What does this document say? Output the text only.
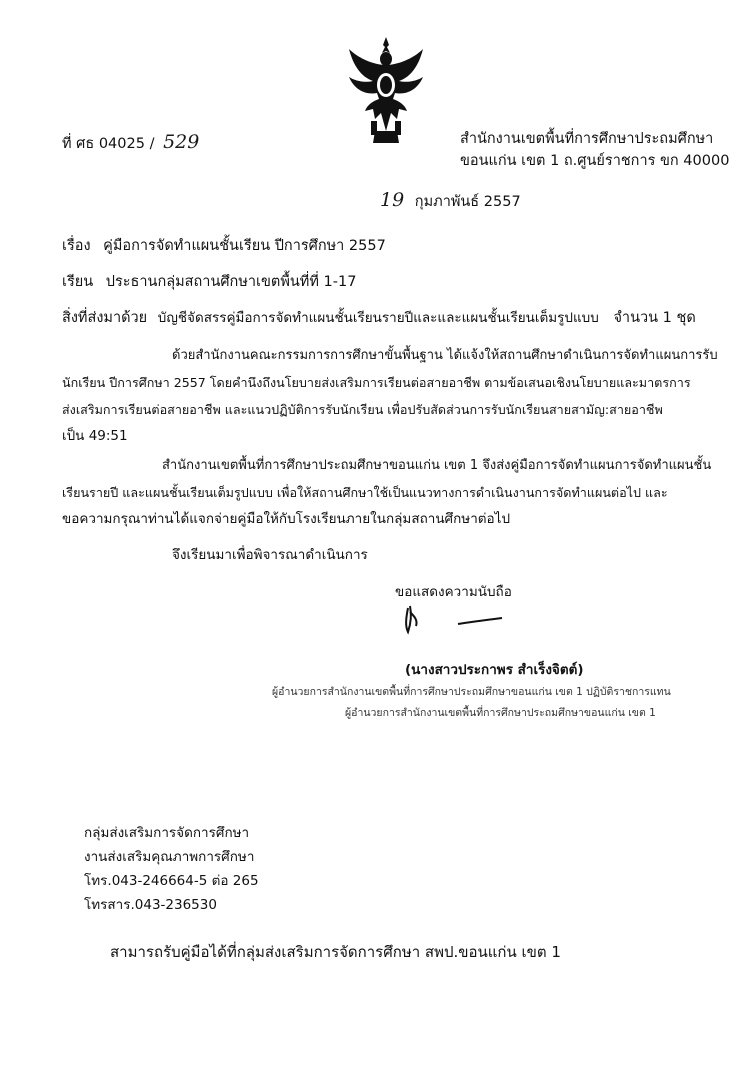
ที่ ศธ 04025 / 529	สำนักงานเขตพื้นที่การศึกษาประถมศึกษา
ขอนแก่น เขต 1 ถ.ศูนย์ราชการ ขก 40000
19 กุมภาพันธ์ 2557
เรื่อง คู่มือการจัดทำแผนชั้นเรียน ปีการศึกษา 2557
เรียน ประธานกลุ่มสถานศึกษาเขตพื้นที่ที่ 1-17
สิ่งที่ส่งมาด้วย บัญชีจัดสรรคู่มือการจัดทำแผนชั้นเรียนรายปีและและแผนชั้นเรียนเต็มรูปแบบ จำนวน 1 ชุด
ด้วยสำนักงานคณะกรรมการการศึกษาขั้นพื้นฐาน ได้แจ้งให้สถานศึกษาดำเนินการจัดทำแผนการรับ
นักเรียน ปีการศึกษา 2557 โดยคำนึงถึงนโยบายส่งเสริมการเรียนต่อสายอาชีพ ตามข้อเสนอเชิงนโยบายและมาตรการ
ส่งเสริมการเรียนต่อสายอาชีพ และแนวปฏิบัติการรับนักเรียน เพื่อปรับสัดส่วนการรับนักเรียนสายสามัญ:สายอาชีพ
เป็น 49:51
สำนักงานเขตพื้นที่การศึกษาประถมศึกษาขอนแก่น เขต 1 จึงส่งคู่มือการจัดทำแผนการจัดทำแผนชั้น
เรียนรายปี และแผนชั้นเรียนเต็มรูปแบบ เพื่อให้สถานศึกษาใช้เป็นแนวทางการดำเนินงานการจัดทำแผนต่อไป และ
ขอความกรุณาท่านได้แจกจ่ายคู่มือให้กับโรงเรียนภายในกลุ่มสถานศึกษาต่อไป
จึงเรียนมาเพื่อพิจารณาดำเนินการ
ขอแสดงความนับถือ
(นางสาวประกาพร สำเร็งจิตต์)
ผู้อำนวยการสำนักงานเขตพื้นที่การศึกษาประถมศึกษาขอนแก่น เขต 1 ปฏิบัติราชการแทน
ผู้อำนวยการสำนักงานเขตพื้นที่การศึกษาประถมศึกษาขอนแก่น เขต 1
กลุ่มส่งเสริมการจัดการศึกษา
งานส่งเสริมคุณภาพการศึกษา
โทร.043-246664-5 ต่อ 265
โทรสาร.043-236530
สามารถรับคู่มือได้ที่กลุ่มส่งเสริมการจัดการศึกษา สพป.ขอนแก่น เขต 1
